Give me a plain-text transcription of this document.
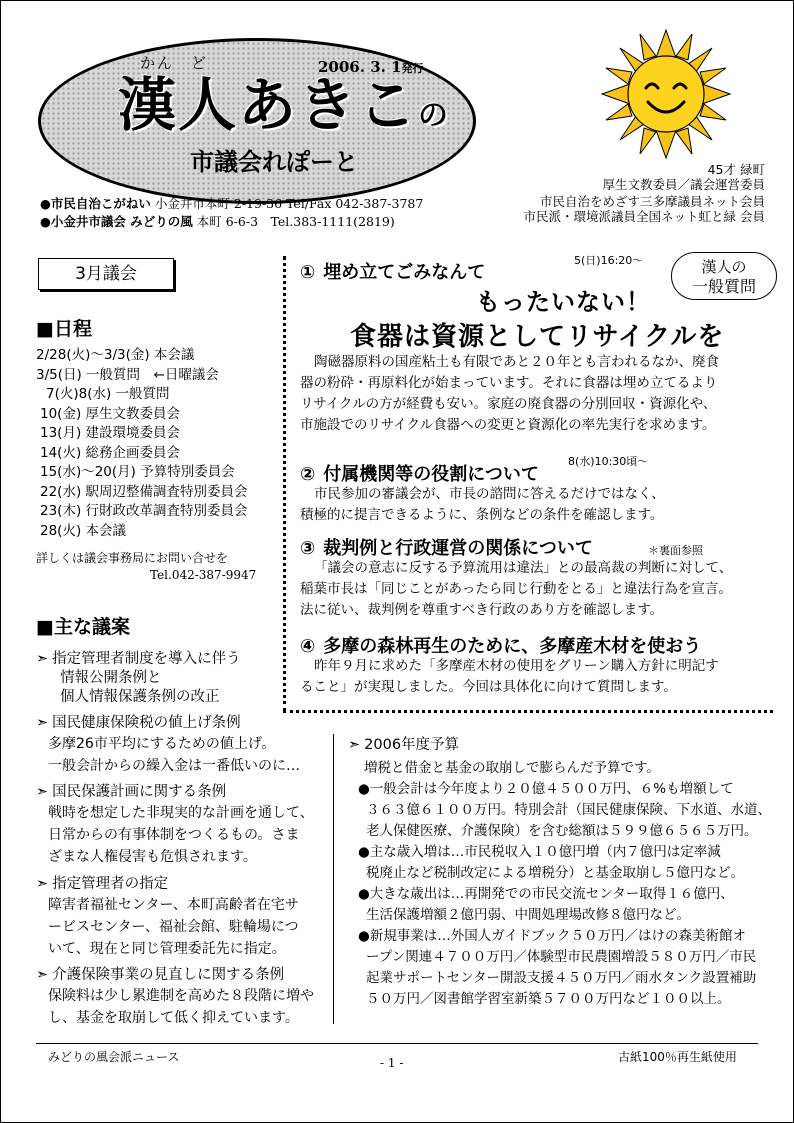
かん　ど	2006. 3. 1発行
漢人あきこの
市議会れぽーと	45才 緑町
厚生文教委員／議会運営委員
市民自治をめざす三多摩議員ネット会員
市民派・環境派議員全国ネット虹と緑 会員
●市民自治こがねい 小金井市本町 2-19-36 Tel/Fax 042-387-3787
●小金井市議会 みどりの風 本町 6-6-3　Tel.383-1111(2819)
3月議会
■日程
2/28(火)～3/3(金) 本会議
3/5(日) 一般質問　←日曜議会
7(火)8(水) 一般質問
10(金) 厚生文教委員会
13(月) 建設環境委員会
14(火) 総務企画委員会
15(水)～20(月) 予算特別委員会
22(水) 駅周辺整備調査特別委員会
23(木) 行財政改革調査特別委員会
28(火) 本会議
詳しくは議会事務局にお問い合せを
Tel.042-387-9947
■主な議案
➣ 指定管理者制度を導入に伴う
情報公開条例と
個人情報保護条例の改正
➣ 国民健康保険税の値上げ条例
多摩26市平均にするための値上げ。
一般会計からの繰入金は一番低いのに…
➣ 国民保護計画に関する条例
戦時を想定した非現実的な計画を通して、
日常からの有事体制をつくるもの。さま
ざまな人権侵害も危惧されます。
➣ 指定管理者の指定
障害者福祉センター、本町高齢者在宅サ
ービスセンター、福祉会館、駐輪場につ
いて、現在と同じ管理委託先に指定。
➣ 介護保険事業の見直しに関する条例
保険料は少し累進制を高めた８段階に増や
し、基金を取崩して低く抑えています。
漢人の
一般質問
5(日)16:20～
① 埋め立てごみなんて
もったいない！
食器は資源としてリサイクルを
陶磁器原料の国産粘土も有限であと２０年とも言われるなか、廃食
器の粉砕・再原料化が始まっています。それに食器は埋め立てるより
リサイクルの方が経費も安い。家庭の廃食器の分別回収・資源化や、
市施設でのリサイクル食器への変更と資源化の率先実行を求めます。
② 付属機関等の役割について
8(水)10:30頃～
市民参加の審議会が、市長の諮問に答えるだけではなく、
積極的に提言できるように、条例などの条件を確認します。
③ 裁判例と行政運営の関係について	＊裏面参照
「議会の意志に反する予算流用は違法」との最高裁の判断に対して、
稲葉市長は「同じことがあったら同じ行動をとる」と違法行為を宣言。
法に従い、裁判例を尊重すべき行政のあり方を確認します。
④ 多摩の森林再生のために、多摩産木材を使おう
昨年９月に求めた「多摩産木材の使用をグリーン購入方針に明記す
ること」が実現しました。今回は具体化に向けて質問します。
➣ 2006年度予算
増税と借金と基金の取崩しで膨らんだ予算です。
●一般会計は今年度より２０億４５００万円、６%も増額して
３６３億６１００万円。特別会計（国民健康保険、下水道、水道、
老人保健医療、介護保険）を含む総額は５９９億６５６５万円。
●主な歳入増は…市民税収入１０億円増（内７億円は定率減
税廃止など税制改定による増税分）と基金取崩し５億円など。
●大きな歳出は…再開発での市民交流センター取得１６億円、
生活保護増額２億円弱、中間処理場改修８億円など。
●新規事業は…外国人ガイドブック５０万円／はけの森美術館オ
ープン関連４７００万円／体験型市民農園増設５８０万円／市民
起業サポートセンター開設支援４５０万円／雨水タンク設置補助
５０万円／図書館学習室新築５７００万円など１００以上。
みどりの風会派ニュース	- 1 -	古紙100％再生紙使用
